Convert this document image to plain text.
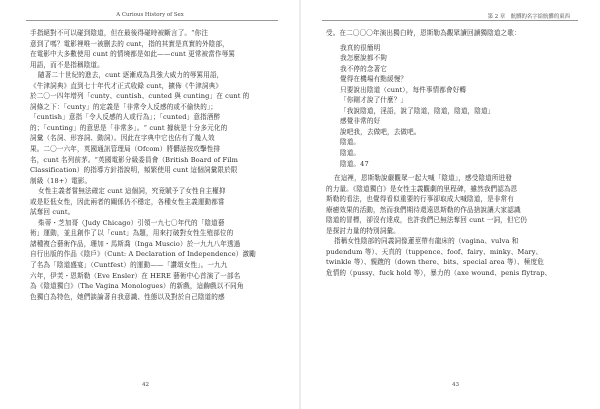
A Curious History of Sex
手指絕對不可以碰到陰道，但在最後得碰時被斷言了。“你注
意到了嗎？電影裡唯一被删去的 cunt，指的其實是真實的外陰部，
在電影中大多數使用 cunt 的情境都是如此——cunt 更常被當作辱罵
用語，而不是指稱陰道。
隨著二十世紀的進去，cunt 逐漸成為具強大威力的辱罵用語，
《牛津詞典》直到七十年代才正式收錄 cunt，擴佈《牛津詞典》
於二〇一四年增列「cunty、cuntish、cunted 與 cunting」在 cunt 的
詞條之下：「cunty」的定義是「非常令人反感的或不偷快的」；
「cuntish」意指「令人反感的人或行為」；「cunted」意指酒醉
的；「cunting」的意思是「非常多」。“ cunt 據統是十分多元化的
詞彙（名詞、形容詞、動詞）。因此在字典中它也佔有了幾人效
果。二〇一六年，英國通訊管理局（Ofcom）將髒話按攻擊性排
名，cunt 名列前茅。“英國電影分級委員會（British Board of Film
Classification）的指導方針指說明，頻繁使用 cunt 這個詞彙限於限
制級（18+）電影。
女性主義者嘗無法確定 cunt 這個詞，究竟賦予了女性自主權抑
或是貶低女性，因此兩者的關係仍不穩定，各種女性主義運動都嘗
試奪回 cunt。
柴蒂・芝加哥（Judy Chicago）引領一九七〇年代的「陰道藝
術」運動，並且創作了以「cunt」為題，用來打破對女性生殖部位的
諸種複合藝術作品，珊加・馬斯喬（Inga Muscio）於一九九八年透過
自行出版的作品《陰戶》（Cunt: A Declaration of Independence）激勵
了名為「陰道盛宴」（Cuntfest）的運動——「讚頌女性」。一九九
六年，伊芙・恩斯勒（Eve Ensler）在 HERE 藝術中心首演了一部名
為《陰道獨白》（The Vagina Monologues）的新戲，這齣戲以不同角
色獨白為特色，她們談論著自我意識、性態以及對於自己陰道的感
42
第 2 章　骯髒的名字給骯髒的東西
受。在二〇〇〇年演出獨白時，恩斯勒為觀眾讀回讀獨陰道之歌：
我真的很簡明
我怎麼說都不夠
我不停的念著它
覺得在機場有點緩慢？
只要說出陰道（cunt），每件事情都會好轉
「你剛才說了什麼？」
「我說陰道，淫語，說了陰道，陰道，陰道，陰道」
感覺非常的好
說吧我，去做吧，去做吧。
陰道。
陰道。
陰道。47
在這裡，恩斯勒說嚴觀眾一起大喊「陰道」，感受陰道所迸發
的力量。《陰道獨白》是女性主義觀劇的里程碑，雖然我們認為恩
斯勒的看法，也覺得看似重要的行事卻取成大喊陰道，是非常有
療癒效果的活動，然而我們期待還遠恩斯勒的作品捨說讓大家認識
陰道的冒標，卻沒有達成，也許我們已無法奪回 cunt 一詞，但它仍
是探討力量的特別詞彙。
指稱女性陰部的同義詞像蓮莖帶有龍床的（vagina、vulva 和
pudendum 等）、天真的（tuppence、foof、fairy、minky、Mary、
twinkle 等）、親蹠的（down there、bits、special area 等）、極度危
危情的（pussy、fuck hold 等），暴力的（axe wound、penis flytrap、
43
